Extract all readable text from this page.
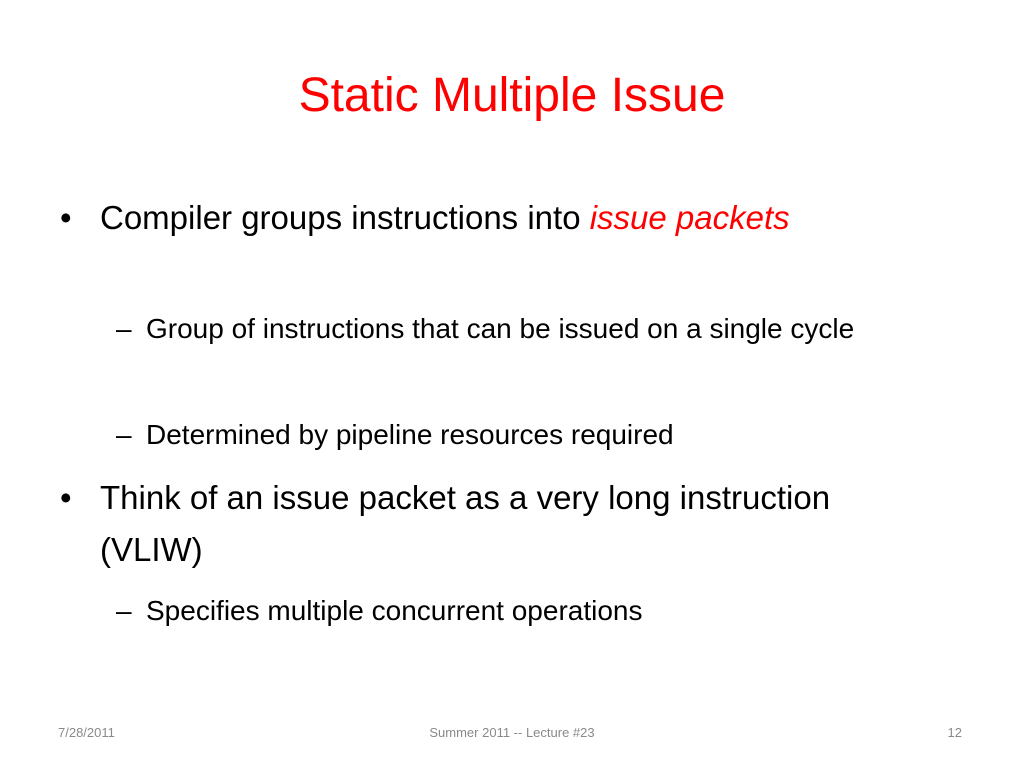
Static Multiple Issue
• Compiler groups instructions into issue packets
– Group of instructions that can be issued on a single cycle
– Determined by pipeline resources required
• Think of an issue packet as a very long instruction (VLIW)
– Specifies multiple concurrent operations
7/28/2011	Summer 2011 -- Lecture #23	12
